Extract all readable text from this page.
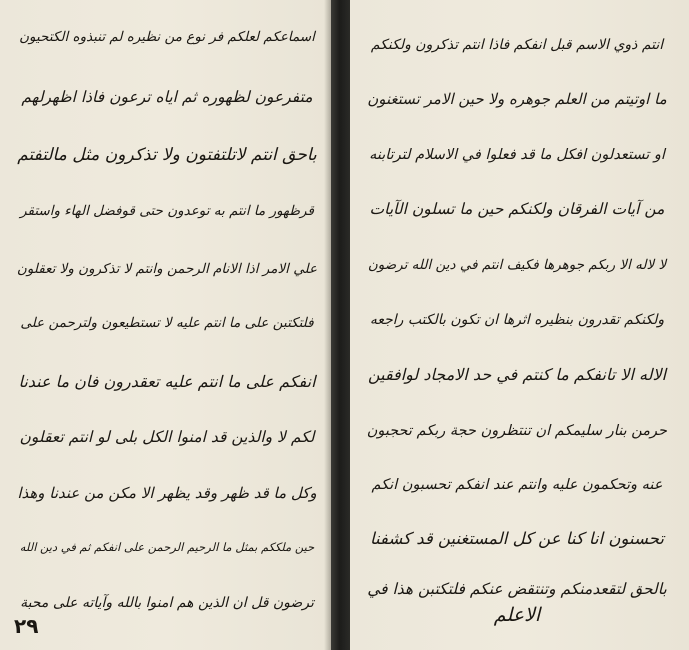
اسماعكم لعلكم فر نوع من نظيره لم تنبذوه الكتحيون
متفرعون لظهوره ثم اياه ترعون فاذا اظهرلهم
باحق انتم لاتلتفتون ولا تذكرون مثل مالتفتم
قرظهور ما انتم به توعدون حتى قوفضل الهاء واستقر
علي الامر اذا الانام الرحمن وانتم لا تذكرون ولا تعقلون
فلتكتبن على ما انتم عليه لا تستطيعون ولترحمن على
انفكم على ما انتم عليه تعقدرون فان ما عندنا
لكم لا والذين قد امنوا الكل بلى لو انتم تعقلون
وكل ما قد ظهر وقد يظهر الا مكن من عندنا وهذا
حين ملككم بمثل ما الرحيم الرحمن على انفكم ثم في دين الله
ترضون قل ان الذين هم امنوا بالله وآياته على محبة
٢٩
انتم ذوي الاسم قبل انفكم فاذا انتم تذكرون ولكنكم
ما اوتيتم من العلم جوهره ولا حين الامر تستغنون
او تستعدلون افكل ما قد فعلوا في الاسلام لترتابنه
من آيات الفرقان ولكنكم حين ما تسلون الآيات
لا لاله الا ربكم جوهرها فكيف انتم في دين الله ترضون
ولكنكم تقدرون بنظيره اثرها ان تكون بالكتب راجعه
الاله الا تانفكم ما كنتم في حد الامجاد لوافقين
حرمن بنار سليمكم ان تنتظرون حجة ربكم تحجبون
عنه وتحكمون عليه وانتم عند انفكم تحسبون انكم
تحسنون انا كنا عن كل المستغنين قد كشفنا
بالحق لتقعدمنكم وتنتقض عنكم فلتكتبن هذا في
الاعلم
